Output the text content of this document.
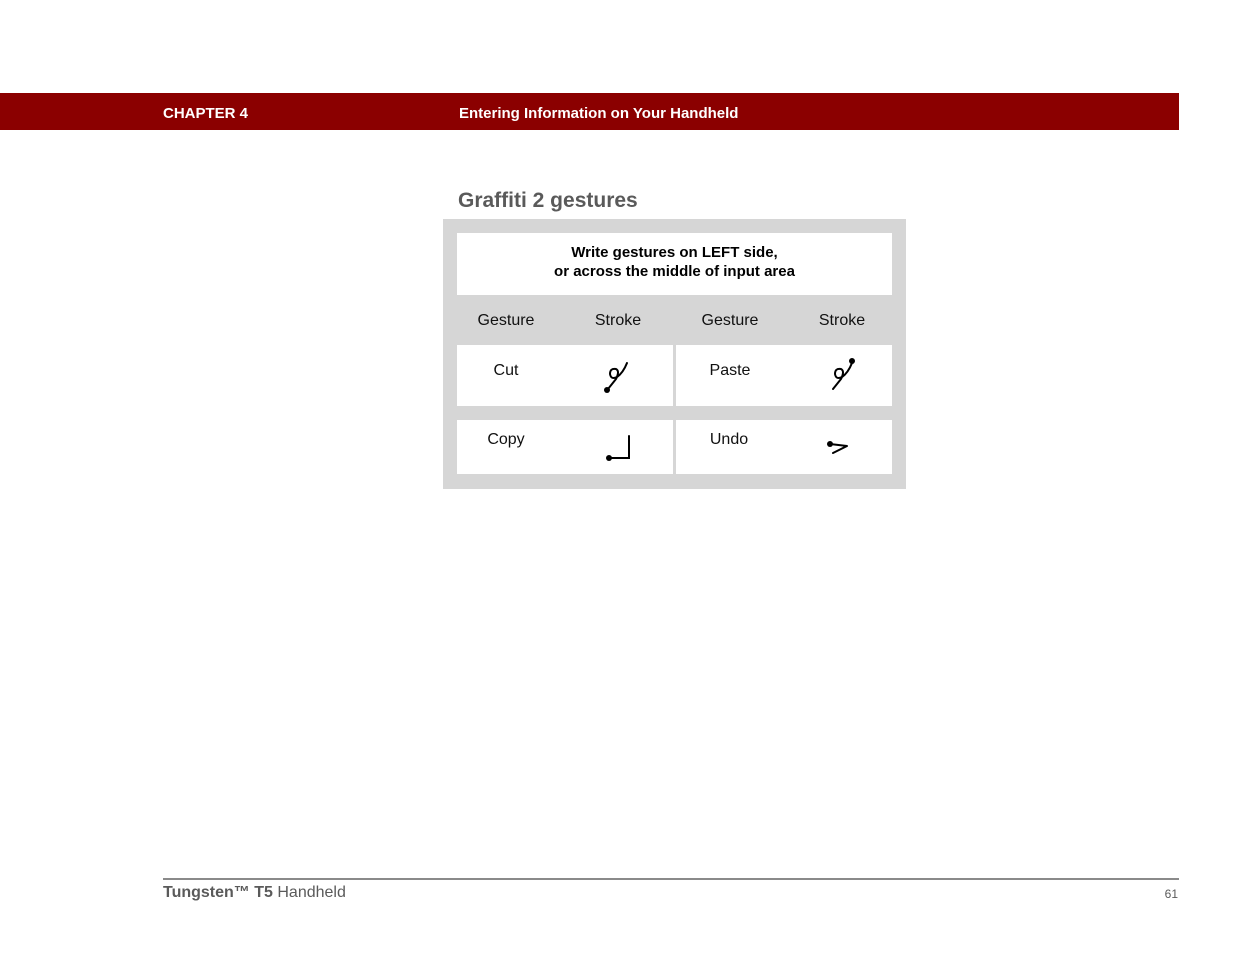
CHAPTER 4	Entering Information on Your Handheld
Graffiti 2 gestures
Write gestures on LEFT side,
or across the middle of input area
Gesture	Stroke	Gesture	Stroke
Cut	Paste
Copy	Undo
Tungsten™ T5 Handheld	61
